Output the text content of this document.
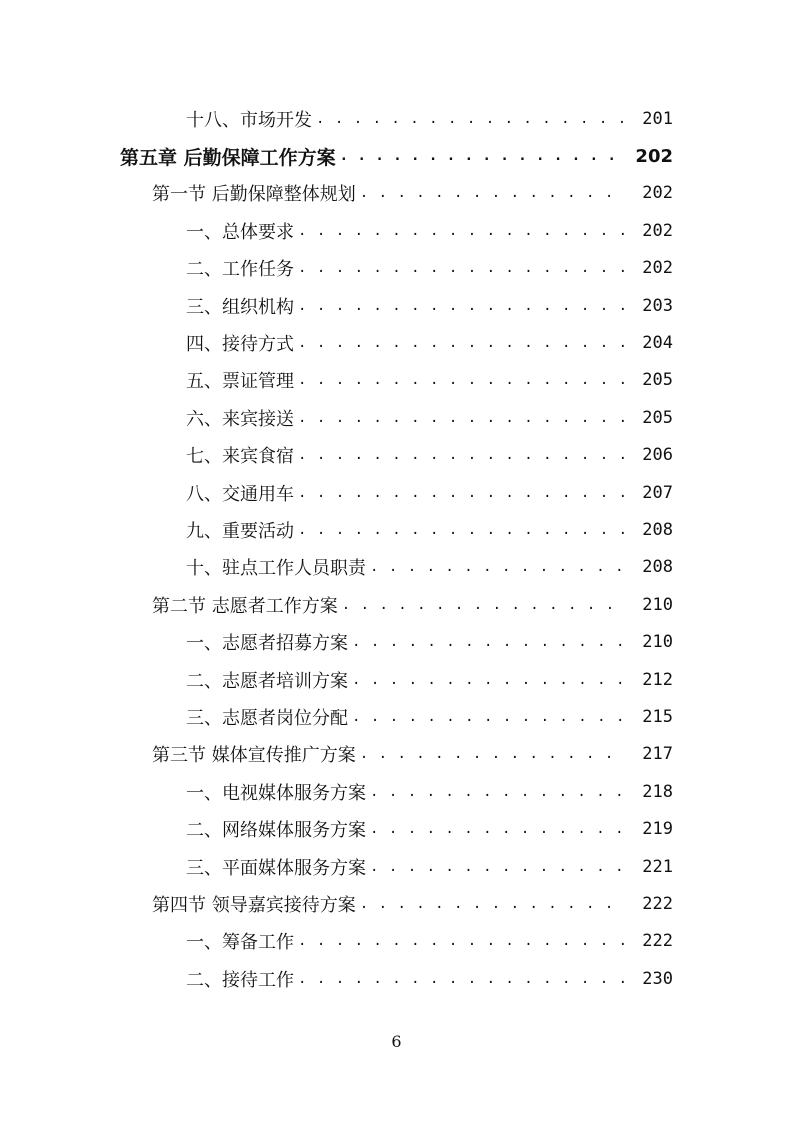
十八、市场开发 . . .	201
第五章 后勤保障工作方案 . . .	202
第一节 后勤保障整体规划 . . .	202
一、总体要求 . . .	202
二、工作任务 . . .	202
三、组织机构 . . .	203
四、接待方式 . . .	204
五、票证管理 . . .	205
六、来宾接送 . . .	205
七、来宾食宿 . . .	206
八、交通用车 . . .	207
九、重要活动 . . .	208
十、驻点工作人员职责 . . .	208
第二节 志愿者工作方案 . . .	210
一、志愿者招募方案 . . .	210
二、志愿者培训方案 . . .	212
三、志愿者岗位分配 . . .	215
第三节 媒体宣传推广方案 . . .	217
一、电视媒体服务方案 . . .	218
二、网络媒体服务方案 . . .	219
三、平面媒体服务方案 . . .	221
第四节 领导嘉宾接待方案 . . .	222
一、筹备工作 . . .	222
二、接待工作 . . .	230
6
